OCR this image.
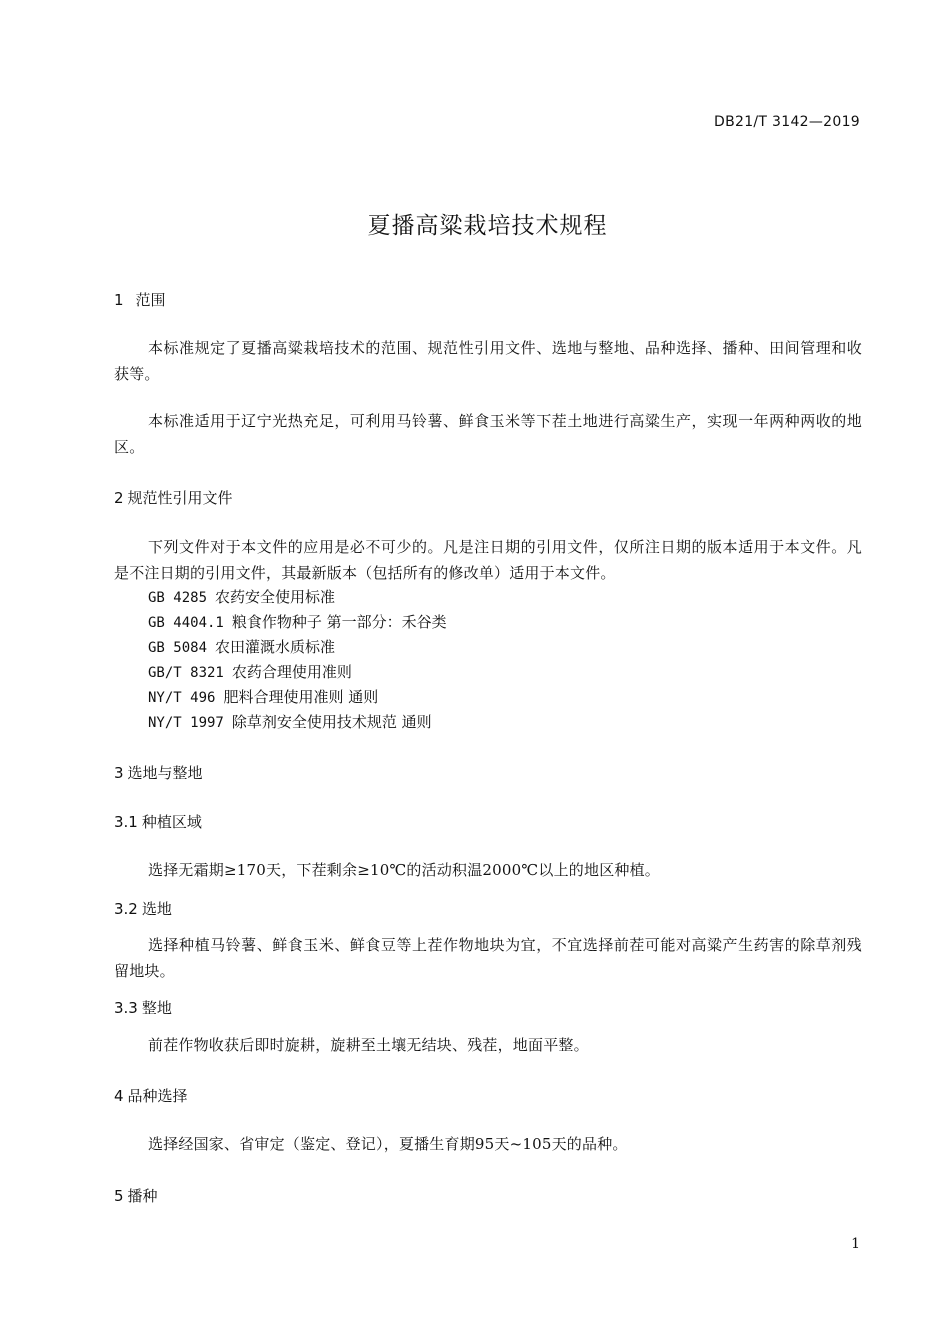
DB21/T 3142—2019
夏播高粱栽培技术规程
1 范围

本标准规定了夏播高粱栽培技术的范围、规范性引用文件、选地与整地、品种选择、播种、田间管理和收获等。

本标准适用于辽宁光热充足，可利用马铃薯、鲜食玉米等下茬土地进行高粱生产，实现一年两种两收的地区。

2 规范性引用文件

下列文件对于本文件的应用是必不可少的。凡是注日期的引用文件，仅所注日期的版本适用于本文件。凡是不注日期的引用文件，其最新版本（包括所有的修改单）适用于本文件。

GB 4285 农药安全使用标准
GB 4404.1 粮食作物种子 第一部分：禾谷类
GB 5084 农田灌溉水质标准
GB/T 8321 农药合理使用准则
NY/T 496 肥料合理使用准则 通则
NY/T 1997 除草剂安全使用技术规范 通则
3 选地与整地
3.1 种植区域

选择无霜期≥170天，下茬剩余≥10℃的活动积温2000℃以上的地区种植。

3.2 选地

选择种植马铃薯、鲜食玉米、鲜食豆等上茬作物地块为宜，不宜选择前茬可能对高粱产生药害的除草剂残留地块。

3.3 整地

前茬作物收获后即时旋耕，旋耕至土壤无结块、残茬，地面平整。

4 品种选择

选择经国家、省审定（鉴定、登记），夏播生育期95天~105天的品种。

5 播种
1
